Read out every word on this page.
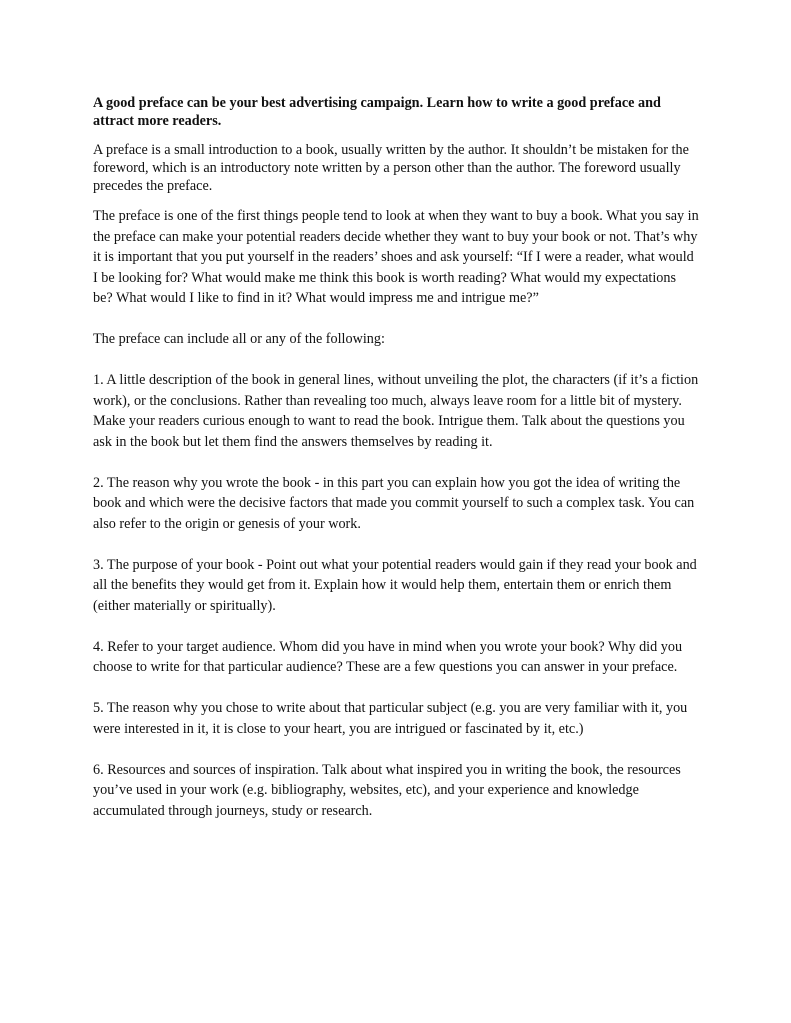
A good preface can be your best advertising campaign. Learn how to write a good preface and attract more readers.

A preface is a small introduction to a book, usually written by the author. It shouldn’t be mistaken for the foreword, which is an introductory note written by a person other than the author. The foreword usually precedes the preface.

The preface is one of the first things people tend to look at when they want to buy a book. What you say in the preface can make your potential readers decide whether they want to buy your book or not. That’s why it is important that you put yourself in the readers’ shoes and ask yourself: “If I were a reader, what would I be looking for? What would make me think this book is worth reading? What would my expectations be? What would I like to find in it? What would impress me and intrigue me?”

The preface can include all or any of the following:

1. A little description of the book in general lines, without unveiling the plot, the characters (if it’s a fiction work), or the conclusions. Rather than revealing too much, always leave room for a little bit of mystery. Make your readers curious enough to want to read the book. Intrigue them. Talk about the questions you ask in the book but let them find the answers themselves by reading it.

2. The reason why you wrote the book - in this part you can explain how you got the idea of writing the book and which were the decisive factors that made you commit yourself to such a complex task. You can also refer to the origin or genesis of your work.

3. The purpose of your book - Point out what your potential readers would gain if they read your book and all the benefits they would get from it. Explain how it would help them, entertain them or enrich them (either materially or spiritually).

4. Refer to your target audience. Whom did you have in mind when you wrote your book? Why did you choose to write for that particular audience? These are a few questions you can answer in your preface.

5. The reason why you chose to write about that particular subject (e.g. you are very familiar with it, you were interested in it, it is close to your heart, you are intrigued or fascinated by it, etc.)

6. Resources and sources of inspiration. Talk about what inspired you in writing the book, the resources you’ve used in your work (e.g. bibliography, websites, etc), and your experience and knowledge accumulated through journeys, study or research.
